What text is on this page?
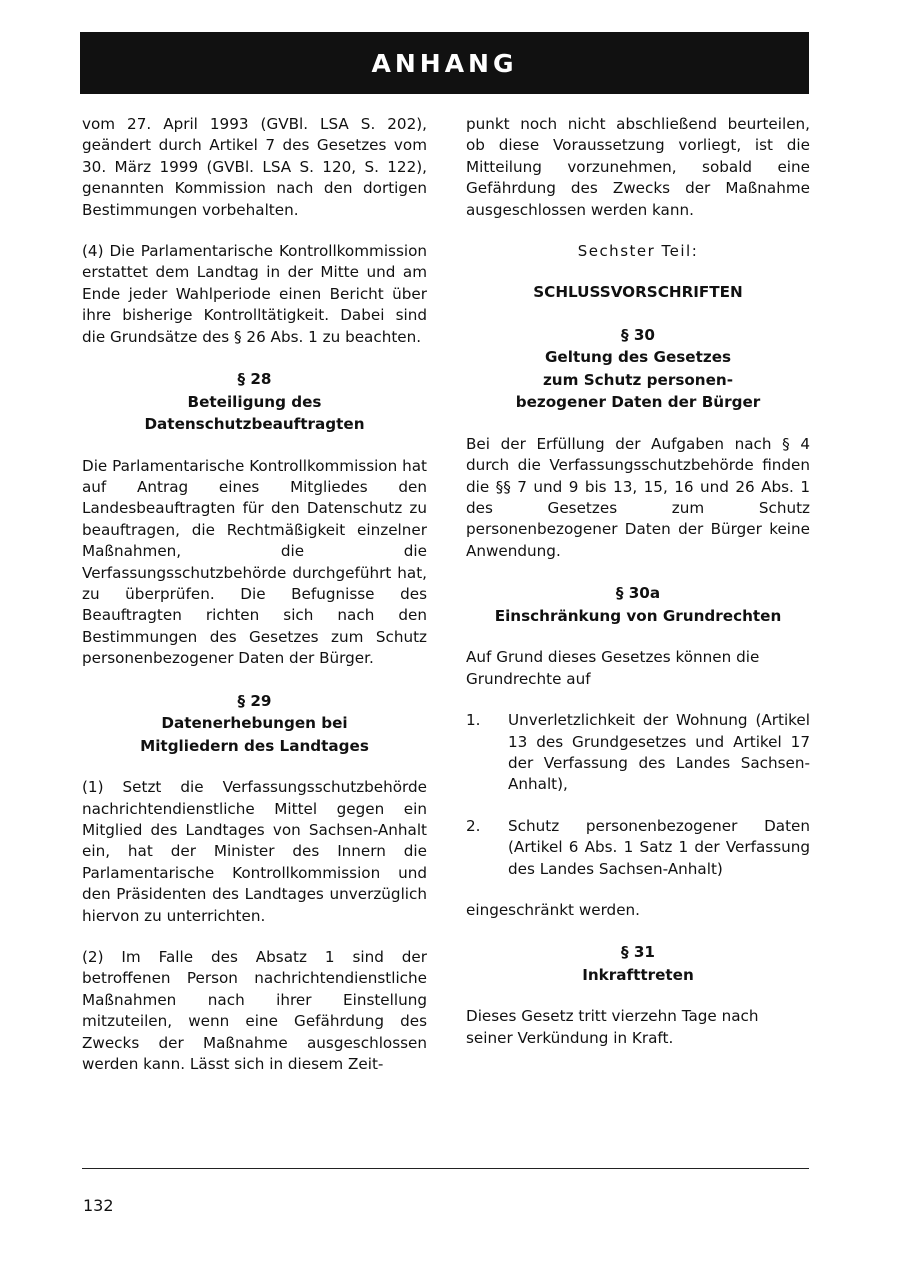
ANHANG

vom 27. April 1993 (GVBl. LSA S. 202), geändert durch Artikel 7 des Gesetzes vom 30. März 1999 (GVBl. LSA S. 120, S. 122), genannten Kommission nach den dortigen Bestimmungen vorbehalten.

(4) Die Parlamentarische Kontrollkommission erstattet dem Landtag in der Mitte und am Ende jeder Wahlperiode einen Bericht über ihre bisherige Kontrolltätigkeit. Dabei sind die Grundsätze des § 26 Abs. 1 zu beachten.

§ 28
Beteiligung des
Datenschutzbeauftragten

Die Parlamentarische Kontrollkommission hat auf Antrag eines Mitgliedes den Landesbeauftragten für den Datenschutz zu beauftragen, die Rechtmäßigkeit einzelner Maßnahmen, die die Verfassungsschutzbehörde durchgeführt hat, zu überprüfen. Die Befugnisse des Beauftragten richten sich nach den Bestimmungen des Gesetzes zum Schutz personenbezogener Daten der Bürger.

§ 29
Datenerhebungen bei
Mitgliedern des Landtages

(1) Setzt die Verfassungsschutzbehörde nachrichtendienstliche Mittel gegen ein Mitglied des Landtages von Sachsen-Anhalt ein, hat der Minister des Innern die Parlamentarische Kontrollkommission und den Präsidenten des Landtages unverzüglich hiervon zu unterrichten.

(2) Im Falle des Absatz 1 sind der betroffenen Person nachrichtendienstliche Maßnahmen nach ihrer Einstellung mitzuteilen, wenn eine Gefährdung des Zwecks der Maßnahme ausgeschlossen werden kann. Lässt sich in diesem Zeit-

punkt noch nicht abschließend beurteilen, ob diese Voraussetzung vorliegt, ist die Mitteilung vorzunehmen, sobald eine Gefährdung des Zwecks der Maßnahme ausgeschlossen werden kann.

Sechster Teil:
SCHLUSSVORSCHRIFTEN
§ 30
Geltung des Gesetzes
zum Schutz personen-
bezogener Daten der Bürger

Bei der Erfüllung der Aufgaben nach § 4 durch die Verfassungsschutzbehörde finden die §§ 7 und 9 bis 13, 15, 16 und 26 Abs. 1 des Gesetzes zum Schutz personenbezogener Daten der Bürger keine Anwendung.

§ 30a
Einschränkung von Grundrechten

Auf Grund dieses Gesetzes können die Grundrechte auf

1.	Unverletzlichkeit der Wohnung (Artikel 13 des Grundgesetzes und Artikel 17 der Verfassung des Landes Sachsen-Anhalt),
2.	Schutz personenbezogener Daten (Artikel 6 Abs. 1 Satz 1 der Verfassung des Landes Sachsen-Anhalt)

eingeschränkt werden.

§ 31
Inkrafttreten

Dieses Gesetz tritt vierzehn Tage nach seiner Verkündung in Kraft.

132
